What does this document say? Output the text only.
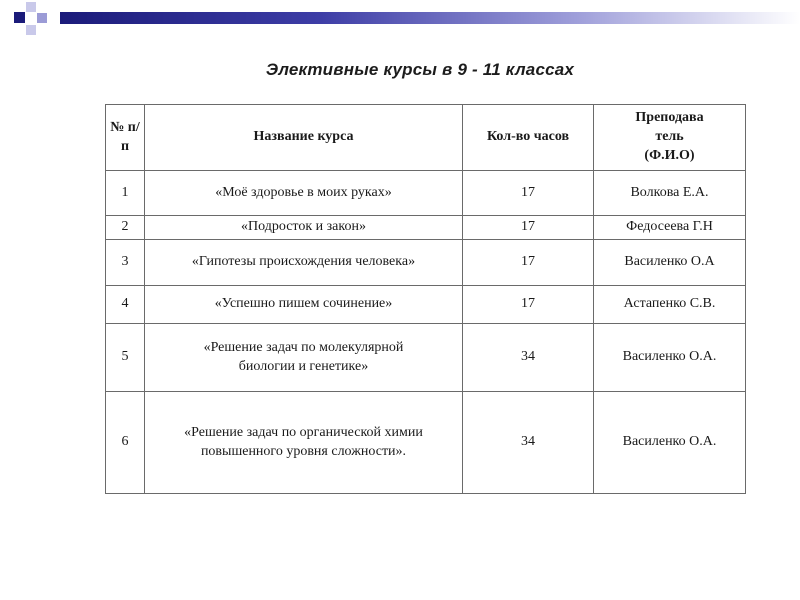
Элективные курсы в 9 - 11 классах
№ п/п	Название курса	Кол-во часов	Преподава
тель
(Ф.И.О)

1	«Моё здоровье в моих руках»	17	Волкова Е.А.
2	«Подросток и закон»	17	Федосеева Г.Н
3	«Гипотезы происхождения человека»	17	Василенко О.А
4	«Успешно пишем сочинение»	17	Астапенко С.В.
5	«Решение задач по молекулярной
биологии и генетике»	34	Василенко О.А.
6	«Решение задач по органической химии
повышенного уровня сложности».	34	Василенко О.А.
